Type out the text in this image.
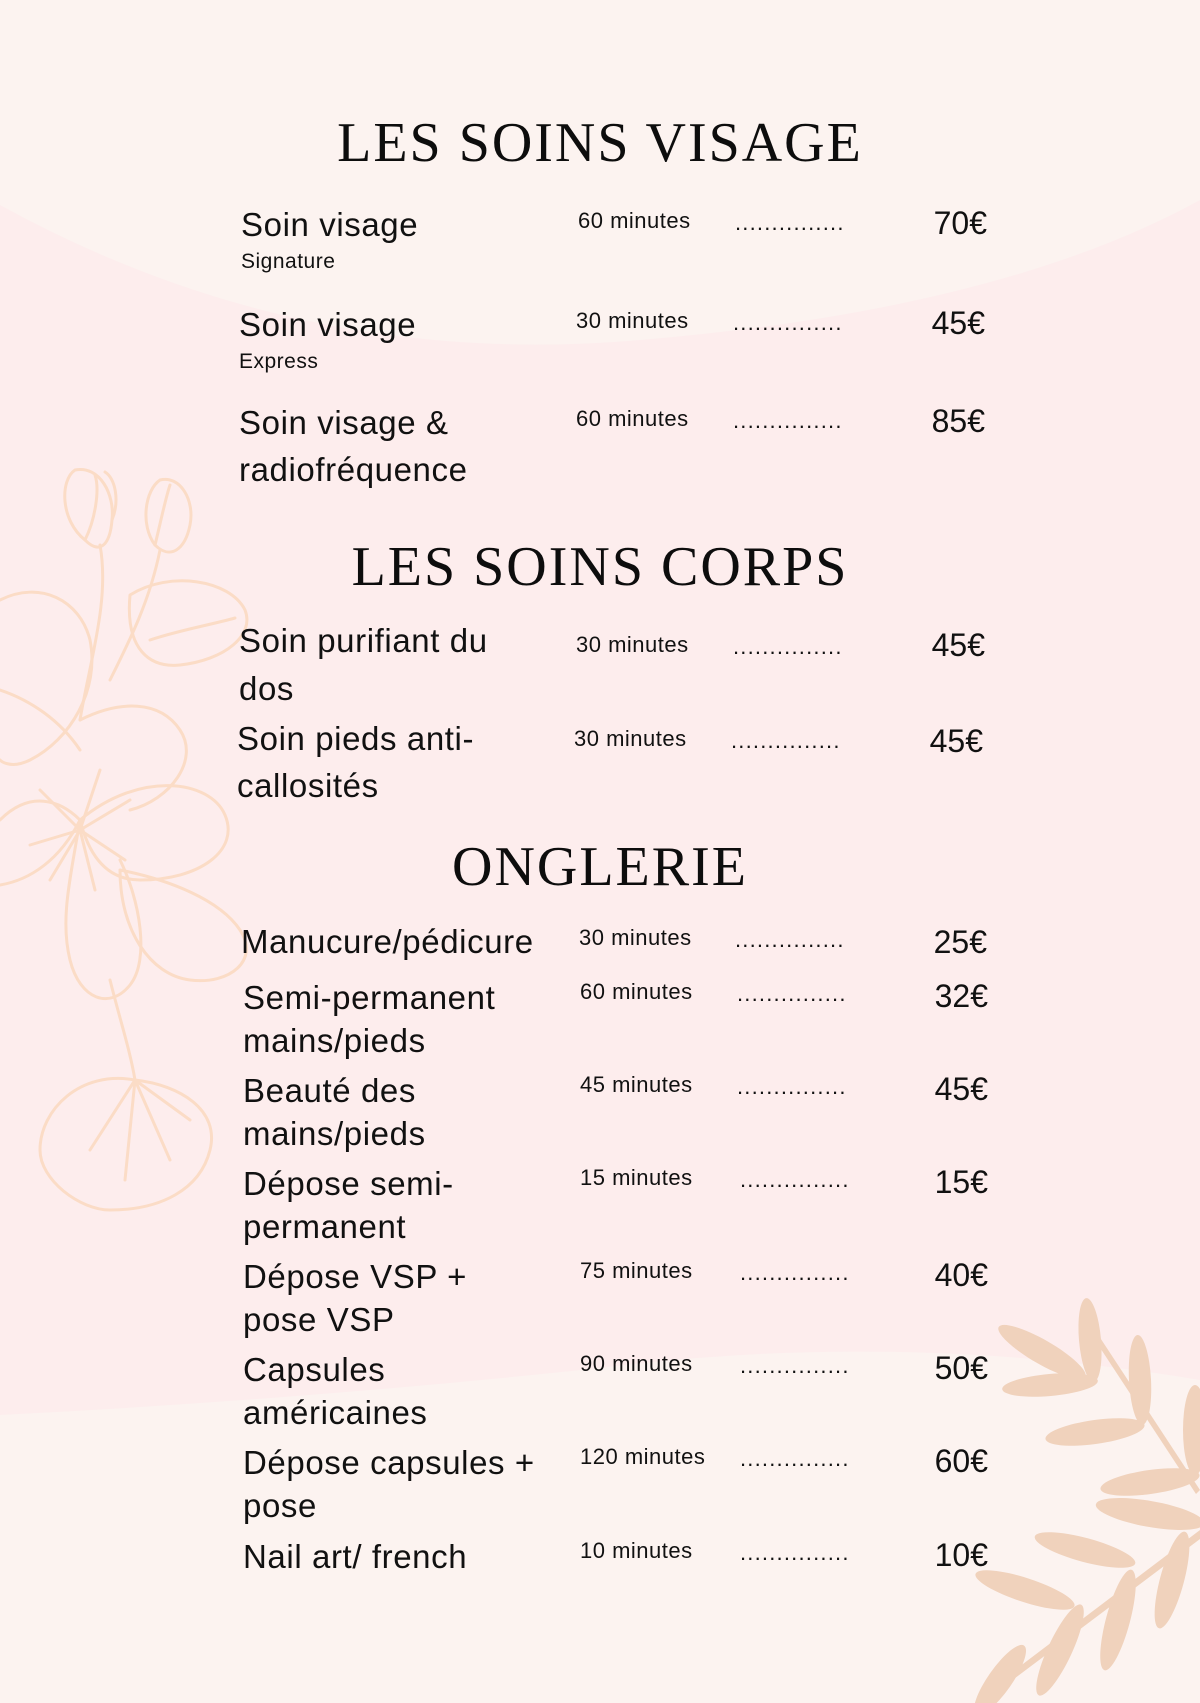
LES SOINS VISAGE
Soin visage
Signature
60 minutes ...............	70€
Soin visage
Express
30 minutes ...............	45€
Soin visage &
radiofréquence
60 minutes ...............	85€
LES SOINS CORPS
Soin purifiant du
dos
30 minutes ...............	45€
Soin pieds anti-
callosités
30 minutes ...............	45€
ONGLERIE
Manucure/pédicure 30 minutes ...............	25€
Semi-permanent
mains/pieds
60 minutes ...............	32€
Beauté des
mains/pieds
45 minutes ...............	45€
Dépose semi-
permanent
15 minutes ...............	15€
Dépose VSP +
pose VSP
75 minutes ...............	40€
Capsules
américaines
90 minutes ...............	50€
Dépose capsules +
pose
120 minutes ...............	60€
Nail art/ french	10 minutes ...............	10€
